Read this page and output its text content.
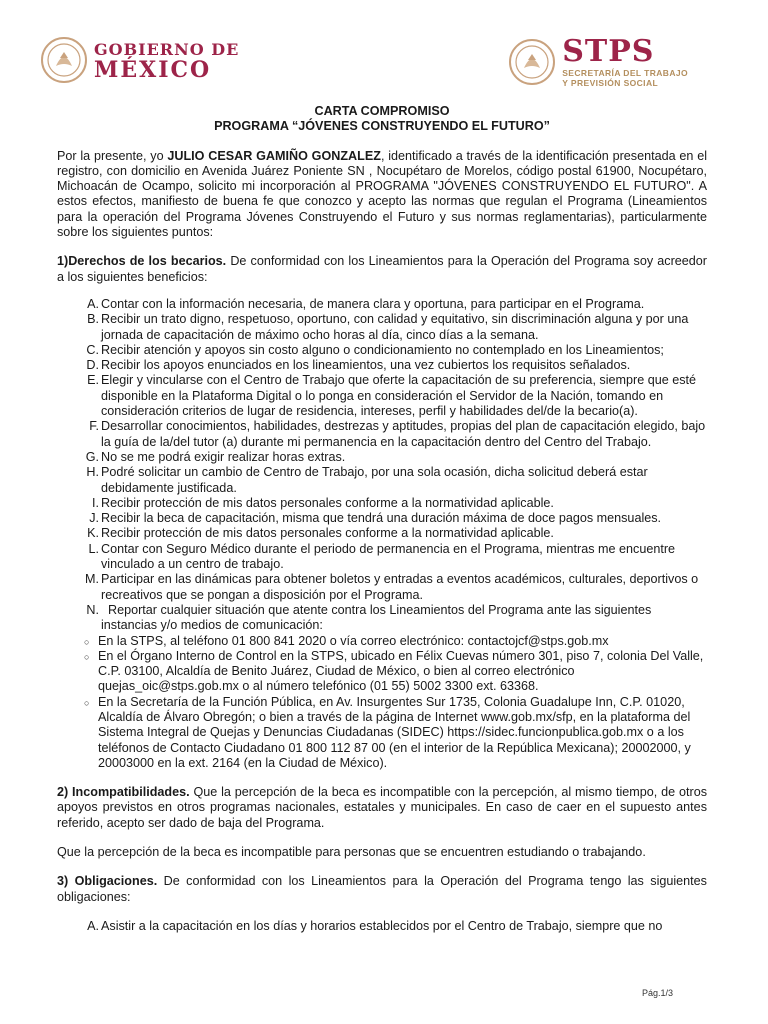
GOBIERNO DE
MÉXICO
STPS
SECRETARÍA DEL TRABAJO
Y PREVISIÓN SOCIAL
CARTA COMPROMISO
PROGRAMA “JÓVENES CONSTRUYENDO EL FUTURO”

Por la presente, yo JULIO CESAR GAMIÑO GONZALEZ, identificado a través de la identificación presentada en el registro, con domicilio en Avenida Juárez Poniente SN , Nocupétaro de Morelos, código postal 61900, Nocupétaro, Michoacán de Ocampo, solicito mi incorporación al PROGRAMA "JÓVENES CONSTRUYENDO EL FUTURO". A estos efectos, manifiesto de buena fe que conozco y acepto las normas que regulan el Programa (Lineamientos para la operación del Programa Jóvenes Construyendo el Futuro y sus normas reglamentarias), particularmente sobre los siguientes puntos:

1)Derechos de los becarios. De conformidad con los Lineamientos para la Operación del Programa soy acreedor a los siguientes beneficios:

A. Contar con la información necesaria, de manera clara y oportuna, para participar en el Programa.
B. Recibir un trato digno, respetuoso, oportuno, con calidad y equitativo, sin discriminación alguna y por una jornada de capacitación de máximo ocho horas al día, cinco días a la semana.
C. Recibir atención y apoyos sin costo alguno o condicionamiento no contemplado en los Lineamientos;
D. Recibir los apoyos enunciados en los lineamientos, una vez cubiertos los requisitos señalados.
E. Elegir y vincularse con el Centro de Trabajo que oferte la capacitación de su preferencia, siempre que esté disponible en la Plataforma Digital o lo ponga en consideración el Servidor de la Nación, tomando en consideración criterios de lugar de residencia, intereses, perfil y habilidades del/de la becario(a).
F. Desarrollar conocimientos, habilidades, destrezas y aptitudes, propias del plan de capacitación elegido, bajo la guía de la/del tutor (a) durante mi permanencia en la capacitación dentro del Centro del Trabajo.
G. No se me podrá exigir realizar horas extras.
H. Podré solicitar un cambio de Centro de Trabajo, por una sola ocasión, dicha solicitud deberá estar debidamente justificada.
I. Recibir protección de mis datos personales conforme a la normatividad aplicable.
J. Recibir la beca de capacitación, misma que tendrá una duración máxima de doce pagos mensuales.
K. Recibir protección de mis datos personales conforme a la normatividad aplicable.
L. Contar con Seguro Médico durante el periodo de permanencia en el Programa, mientras me encuentre vinculado a un centro de trabajo.
M. Participar en las dinámicas para obtener boletos y entradas a eventos académicos, culturales, deportivos o recreativos que se pongan a disposición por el Programa.
N. Reportar cualquier situación que atente contra los Lineamientos del Programa ante las siguientes instancias y/o medios de comunicación:
○ En la STPS, al teléfono 01 800 841 2020 o vía correo electrónico: contactojcf@stps.gob.mx
○ En el Órgano Interno de Control en la STPS, ubicado en Félix Cuevas número 301, piso 7, colonia Del Valle, C.P. 03100, Alcaldía de Benito Juárez, Ciudad de México, o bien al correo electrónico quejas_oic@stps.gob.mx o al número telefónico (01 55) 5002 3300 ext. 63368.
○ En la Secretaría de la Función Pública, en Av. Insurgentes Sur 1735, Colonia Guadalupe Inn, C.P. 01020, Alcaldía de Álvaro Obregón; o bien a través de la página de Internet www.gob.mx/sfp, en la plataforma del Sistema Integral de Quejas y Denuncias Ciudadanas (SIDEC) https://sidec.funcionpublica.gob.mx o a los teléfonos de Contacto Ciudadano 01 800 112 87 00 (en el interior de la República Mexicana); 20002000, y 20003000 en la ext. 2164 (en la Ciudad de México).

2) Incompatibilidades. Que la percepción de la beca es incompatible con la percepción, al mismo tiempo, de otros apoyos previstos en otros programas nacionales, estatales y municipales. En caso de caer en el supuesto antes referido, acepto ser dado de baja del Programa.

Que la percepción de la beca es incompatible para personas que se encuentren estudiando o trabajando.

3) Obligaciones. De conformidad con los Lineamientos para la Operación del Programa tengo las siguientes obligaciones:

A. Asistir a la capacitación en los días y horarios establecidos por el Centro de Trabajo, siempre que no
Pág.1/3
